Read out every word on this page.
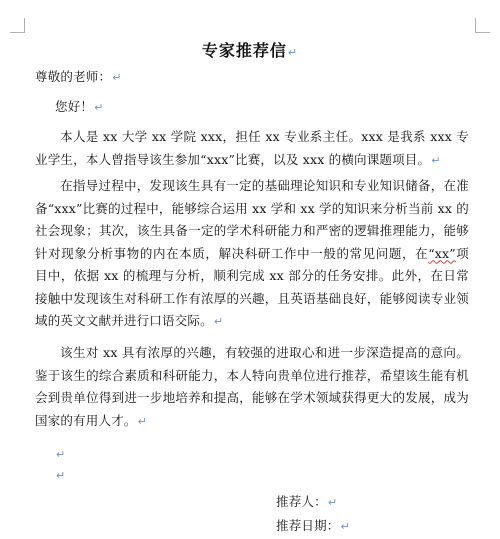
专家推荐信↵
尊敬的老师：↵
您好！↵
本人是 xx 大学 xx 学院 xxx，担任 xx 专业系主任。xxx 是我系 xxx 专业学生，本人曾指导该生参加“xxx”比赛，以及 xxx 的横向课题项目。↵
在指导过程中，发现该生具有一定的基础理论知识和专业知识储备，在准备“xxx”比赛的过程中，能够综合运用 xx 学和 xx 学的知识来分析当前 xx 的社会现象；其次，该生具备一定的学术科研能力和严密的逻辑推理能力，能够针对现象分析事物的内在本质，解决科研工作中一般的常见问题，在“xx”项目中，依据 xx 的梳理与分析，顺利完成 xx 部分的任务安排。此外，在日常接触中发现该生对科研工作有浓厚的兴趣，且英语基础良好，能够阅读专业领域的英文文献并进行口语交际。↵
该生对 xx 具有浓厚的兴趣，有较强的进取心和进一步深造提高的意向。鉴于该生的综合素质和科研能力，本人特向贵单位进行推荐，希望该生能有机会到贵单位得到进一步地培养和提高，能够在学术领域获得更大的发展，成为国家的有用人才。↵
↵
↵
推荐人：↵
推荐日期：↵
